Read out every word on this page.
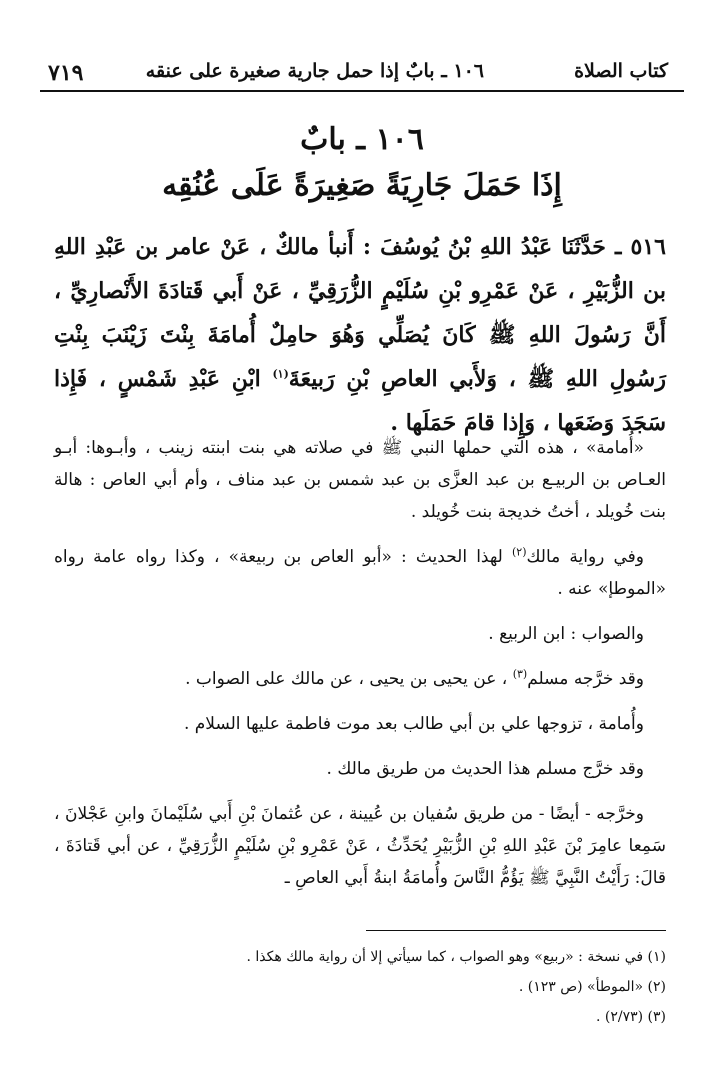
كتاب الصلاة
١٠٦ ـ بابٌ إذا حمل جارية صغيرة على عنقه
٧١٩
١٠٦ ـ بابٌ
إِذَا حَمَلَ جَارِيَةً صَغِيرَةً عَلَى عُنُقِه
٥١٦ ـ حَدَّثَنَا عَبْدُ اللهِ بْنُ يُوسُفَ : أَنبأ مالكٌ ، عَنْ عامر بن عَبْدِ اللهِ بن الزُّبَيْرِ ، عَنْ عَمْرِو بْنِ سُلَيْمٍ الزُّرَقِيِّ ، عَنْ أَبي قَتادَةَ الأَنْصارِيِّ ، أَنَّ رَسُولَ اللهِ ﷺ كَانَ يُصَلِّي وَهُوَ حامِلٌ أُمامَةَ بِنْتَ زَيْنَبَ بِنْتِ رَسُولِ اللهِ ﷺ ، وَلأَبي العاصِ بْنِ رَبيعَةَ$^{(١)}$ ابْنِ عَبْدِ شَمْسٍ ، فَإِذا سَجَدَ وَضَعَها ، وَإِذا قامَ حَمَلَها .

«أُمامة» ، هذه التي حملها النبي ﷺ في صلاته هي بنت ابنته زينب ، وأبـوها: أبـو العـاص بن الربيـع بن عبد العزَّى بن عبد شمس بن عبد مناف ، وأم أبي العاص : هالة بنت خُويلد ، أختُ خديجة بنت خُويلد .

وفي رواية مالك$^{(٢)}$ لهذا الحديث : «أبو العاص بن ربيعة» ، وكذا رواه عامة رواه «الموطإ» عنه .

والصواب : ابن الربيع .

وقد خرَّجه مسلم$^{(٣)}$ ، عن يحيى بن يحيى ، عن مالك على الصواب .

وأُمامة ، تزوجها علي بن أبي طالب بعد موت فاطمة عليها السلام .

وقد خرَّج مسلم هذا الحديث من طريق مالك .

وخرَّجه - أيضًا - من طريق سُفيان بن عُيينة ، عن عُثمانَ بْنِ أَبي سُلَيْمانَ وابنِ عَجْلانَ ، سَمِعا عامِرَ بْنَ عَبْدِ اللهِ بْنِ الزُّبَيْرِ يُحَدِّثُ ، عَنْ عَمْرِو بْنِ سُلَيْمٍ الزُّرَقِيِّ ، عن أبي قَتادَةَ ، قالَ: رَأَيْتُ النَّبِيَّ ﷺ يَؤُمُّ النَّاسَ وأُمامَةُ ابنةُ أَبي العاصِ ـ

(١) في نسخة : «ربيع» وهو الصواب ، كما سيأتي إلا أن رواية مالك هكذا .
(٢) «الموطأ» (ص ١٢٣) .
(٣) (٢/٧٣) .
